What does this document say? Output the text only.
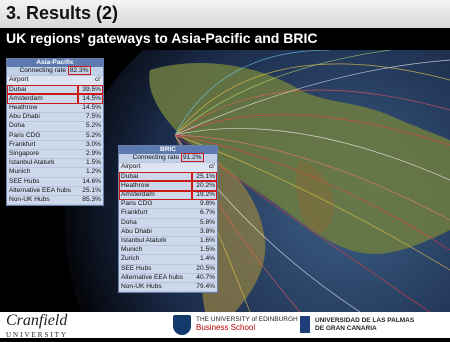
3. Results (2)
UK regions’ gateways to Asia-Pacific and BRIC
Asia-Pacific	
Connecting rate 82.3%	
Airport	ci'
Dubai	39.5%
Amsterdam	14.5%
Heathrow	14.5%
Abu Dhabi	7.5%
Doha	5.2%
Paris CDG	5.2%
Frankfurt	3.0%
Singapore	2.9%
Istanbul Ataturk	1.5%
Munich	1.2%
SEE Hubs	14.6%
Alternative EEA hubs	25.1%
Non-UK Hubs	85.3%
BRIC	
Connecting rate 91.2%	
Airport	ci'
Dubai	25.1%
Heathrow	20.2%
Amsterdam	19.2%
Paris CDG	9.8%
Frankfurt	6.7%
Doha	5.8%
Abu Dhabi	3.8%
Istanbul Ataturk	1.6%
Munich	1.5%
Zurich	1.4%
SEE Hubs	20.5%
Alternative EEA hubs	40.7%
Non-UK Hubs	79.4%
Cranfield
UNIVERSITY
THE UNIVERSITY of EDINBURGH
Business School
UNIVERSIDAD DE LAS PALMAS
DE GRAN CANARIA
